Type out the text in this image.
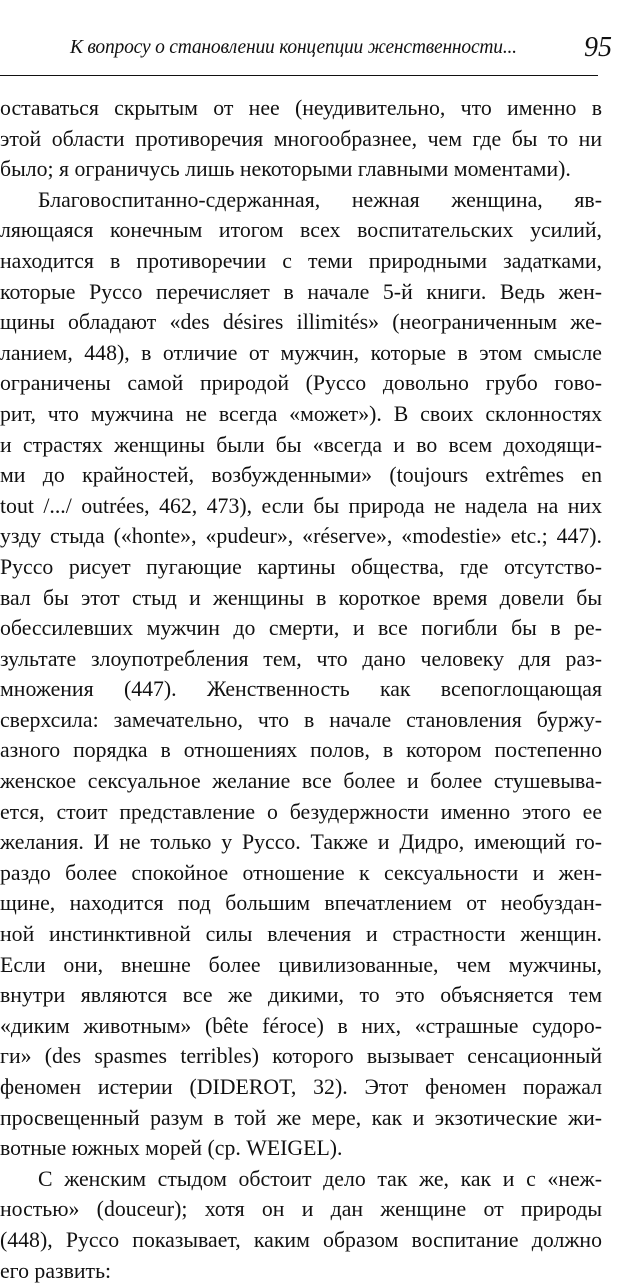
К вопросу о становлении концепции женственности... 95
оставаться скрытым от нее (неудивительно, что именно в
этой области противоречия многообразнее, чем где бы то ни
было; я ограничусь лишь некоторыми главными моментами).
Благовоспитанно-сдержанная, нежная женщина, яв-
ляющаяся конечным итогом всех воспитательских усилий,
находится в противоречии с теми природными задатками,
которые Руссо перечисляет в начале 5-й книги. Ведь жен-
щины обладают «des désires illimités» (неограниченным же-
ланием, 448), в отличие от мужчин, которые в этом смысле
ограничены самой природой (Руссо довольно грубо гово-
рит, что мужчина не всегда «может»). В своих склонностях
и страстях женщины были бы «всегда и во всем доходящи-
ми до крайностей, возбужденными» (toujours extrêmes en
tout /.../ outrées, 462, 473), если бы природа не надела на них
узду стыда («honte», «pudeur», «réserve», «modestie» etc.; 447).
Руссо рисует пугающие картины общества, где отсутство-
вал бы этот стыд и женщины в короткое время довели бы
обессилевших мужчин до смерти, и все погибли бы в ре-
зультате злоупотребления тем, что дано человеку для раз-
множения (447). Женственность как всепоглощающая
сверхсила: замечательно, что в начале становления буржу-
азного порядка в отношениях полов, в котором постепенно
женское сексуальное желание все более и более стушевыва-
ется, стоит представление о безудержности именно этого ее
желания. И не только у Руссо. Также и Дидро, имеющий го-
раздо более спокойное отношение к сексуальности и жен-
щине, находится под большим впечатлением от необуздан-
ной инстинктивной силы влечения и страстности женщин.
Если они, внешне более цивилизованные, чем мужчины,
внутри являются все же дикими, то это объясняется тем
«диким животным» (bête féroce) в них, «страшные судоро-
ги» (des spasmes terribles) которого вызывает сенсационный
феномен истерии (DIDEROT, 32). Этот феномен поражал
просвещенный разум в той же мере, как и экзотические жи-
вотные южных морей (ср. WEIGEL).
С женским стыдом обстоит дело так же, как и с «неж-
ностью» (douceur); хотя он и дан женщине от природы
(448), Руссо показывает, каким образом воспитание должно
его развить:
